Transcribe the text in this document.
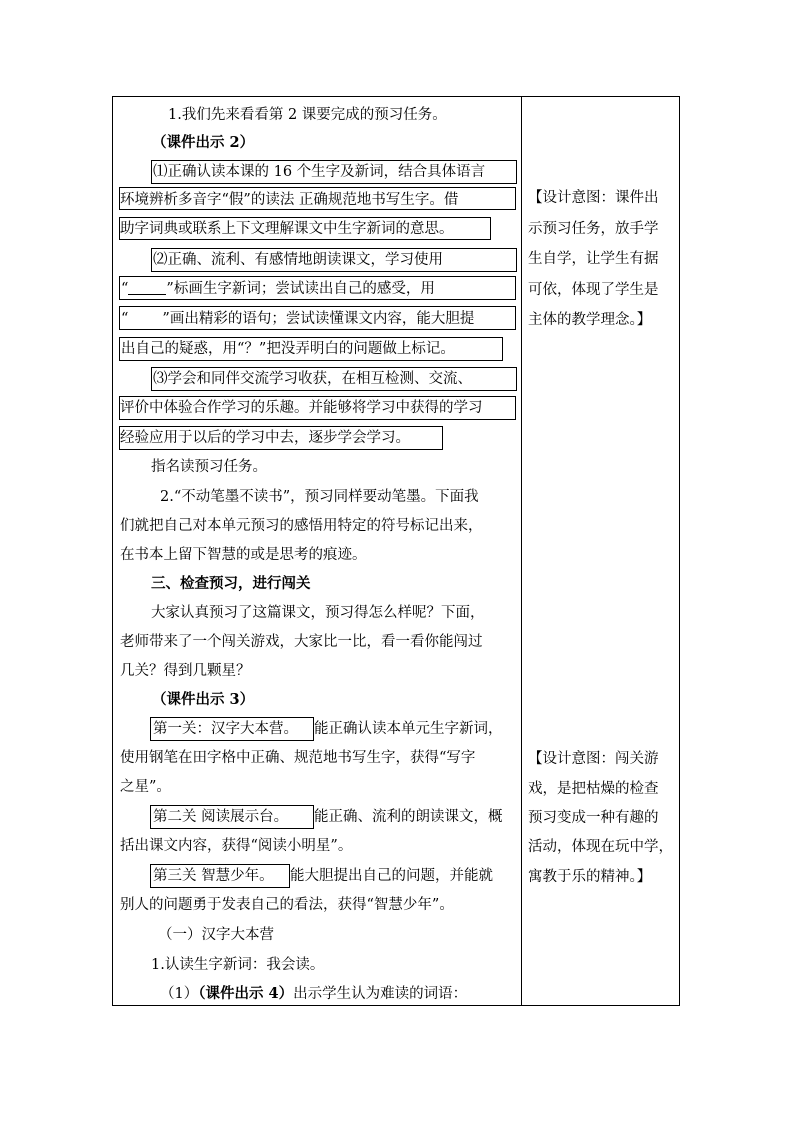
1.我们先来看看第 2 课要完成的预习任务。
（课件出示 2）
⑴正确认读本课的 16 个生字及新词，结合具体语言
环境辨析多音字“假”的读法 正确规范地书写生字。借
助字词典或联系上下文理解课文中生字新词的意思。
⑵正确、流利、有感情地朗读课文，学习使用
“	”标画生字新词；尝试读出自己的感受，用
“ ”画出精彩的语句；尝试读懂课文内容，能大胆提
出自己的疑惑，用“？”把没弄明白的问题做上标记。
⑶学会和同伴交流学习收获，在相互检测、交流、
评价中体验合作学习的乐趣。并能够将学习中获得的学习
经验应用于以后的学习中去，逐步学会学习。
指名读预习任务。
2.“不动笔墨不读书”，预习同样要动笔墨。下面我
们就把自己对本单元预习的感悟用特定的符号标记出来，
在书本上留下智慧的或是思考的痕迹。
三、检查预习，进行闯关
大家认真预习了这篇课文，预习得怎么样呢？下面，
老师带来了一个闯关游戏，大家比一比，看一看你能闯过
几关？得到几颗星？
（课件出示 3）
第一关：汉字大本营。 能正确认读本单元生字新词，
使用钢笔在田字格中正确、规范地书写生字，获得“写字
之星”。
第二关 阅读展示台。 能正确、流利的朗读课文，概
括出课文内容，获得“阅读小明星”。
第三关 智慧少年。 能大胆提出自己的问题，并能就
别人的问题勇于发表自己的看法，获得“智慧少年”。
（一）汉字大本营
1.认读生字新词：我会读。
（1）（课件出示 4）出示学生认为难读的词语：
【设计意图：课件出
示预习任务，放手学
生自学，让学生有据
可依，体现了学生是
主体的教学理念。】
【设计意图：闯关游
戏，是把枯燥的检查
预习变成一种有趣的
活动，体现在玩中学，
寓教于乐的精神。】
